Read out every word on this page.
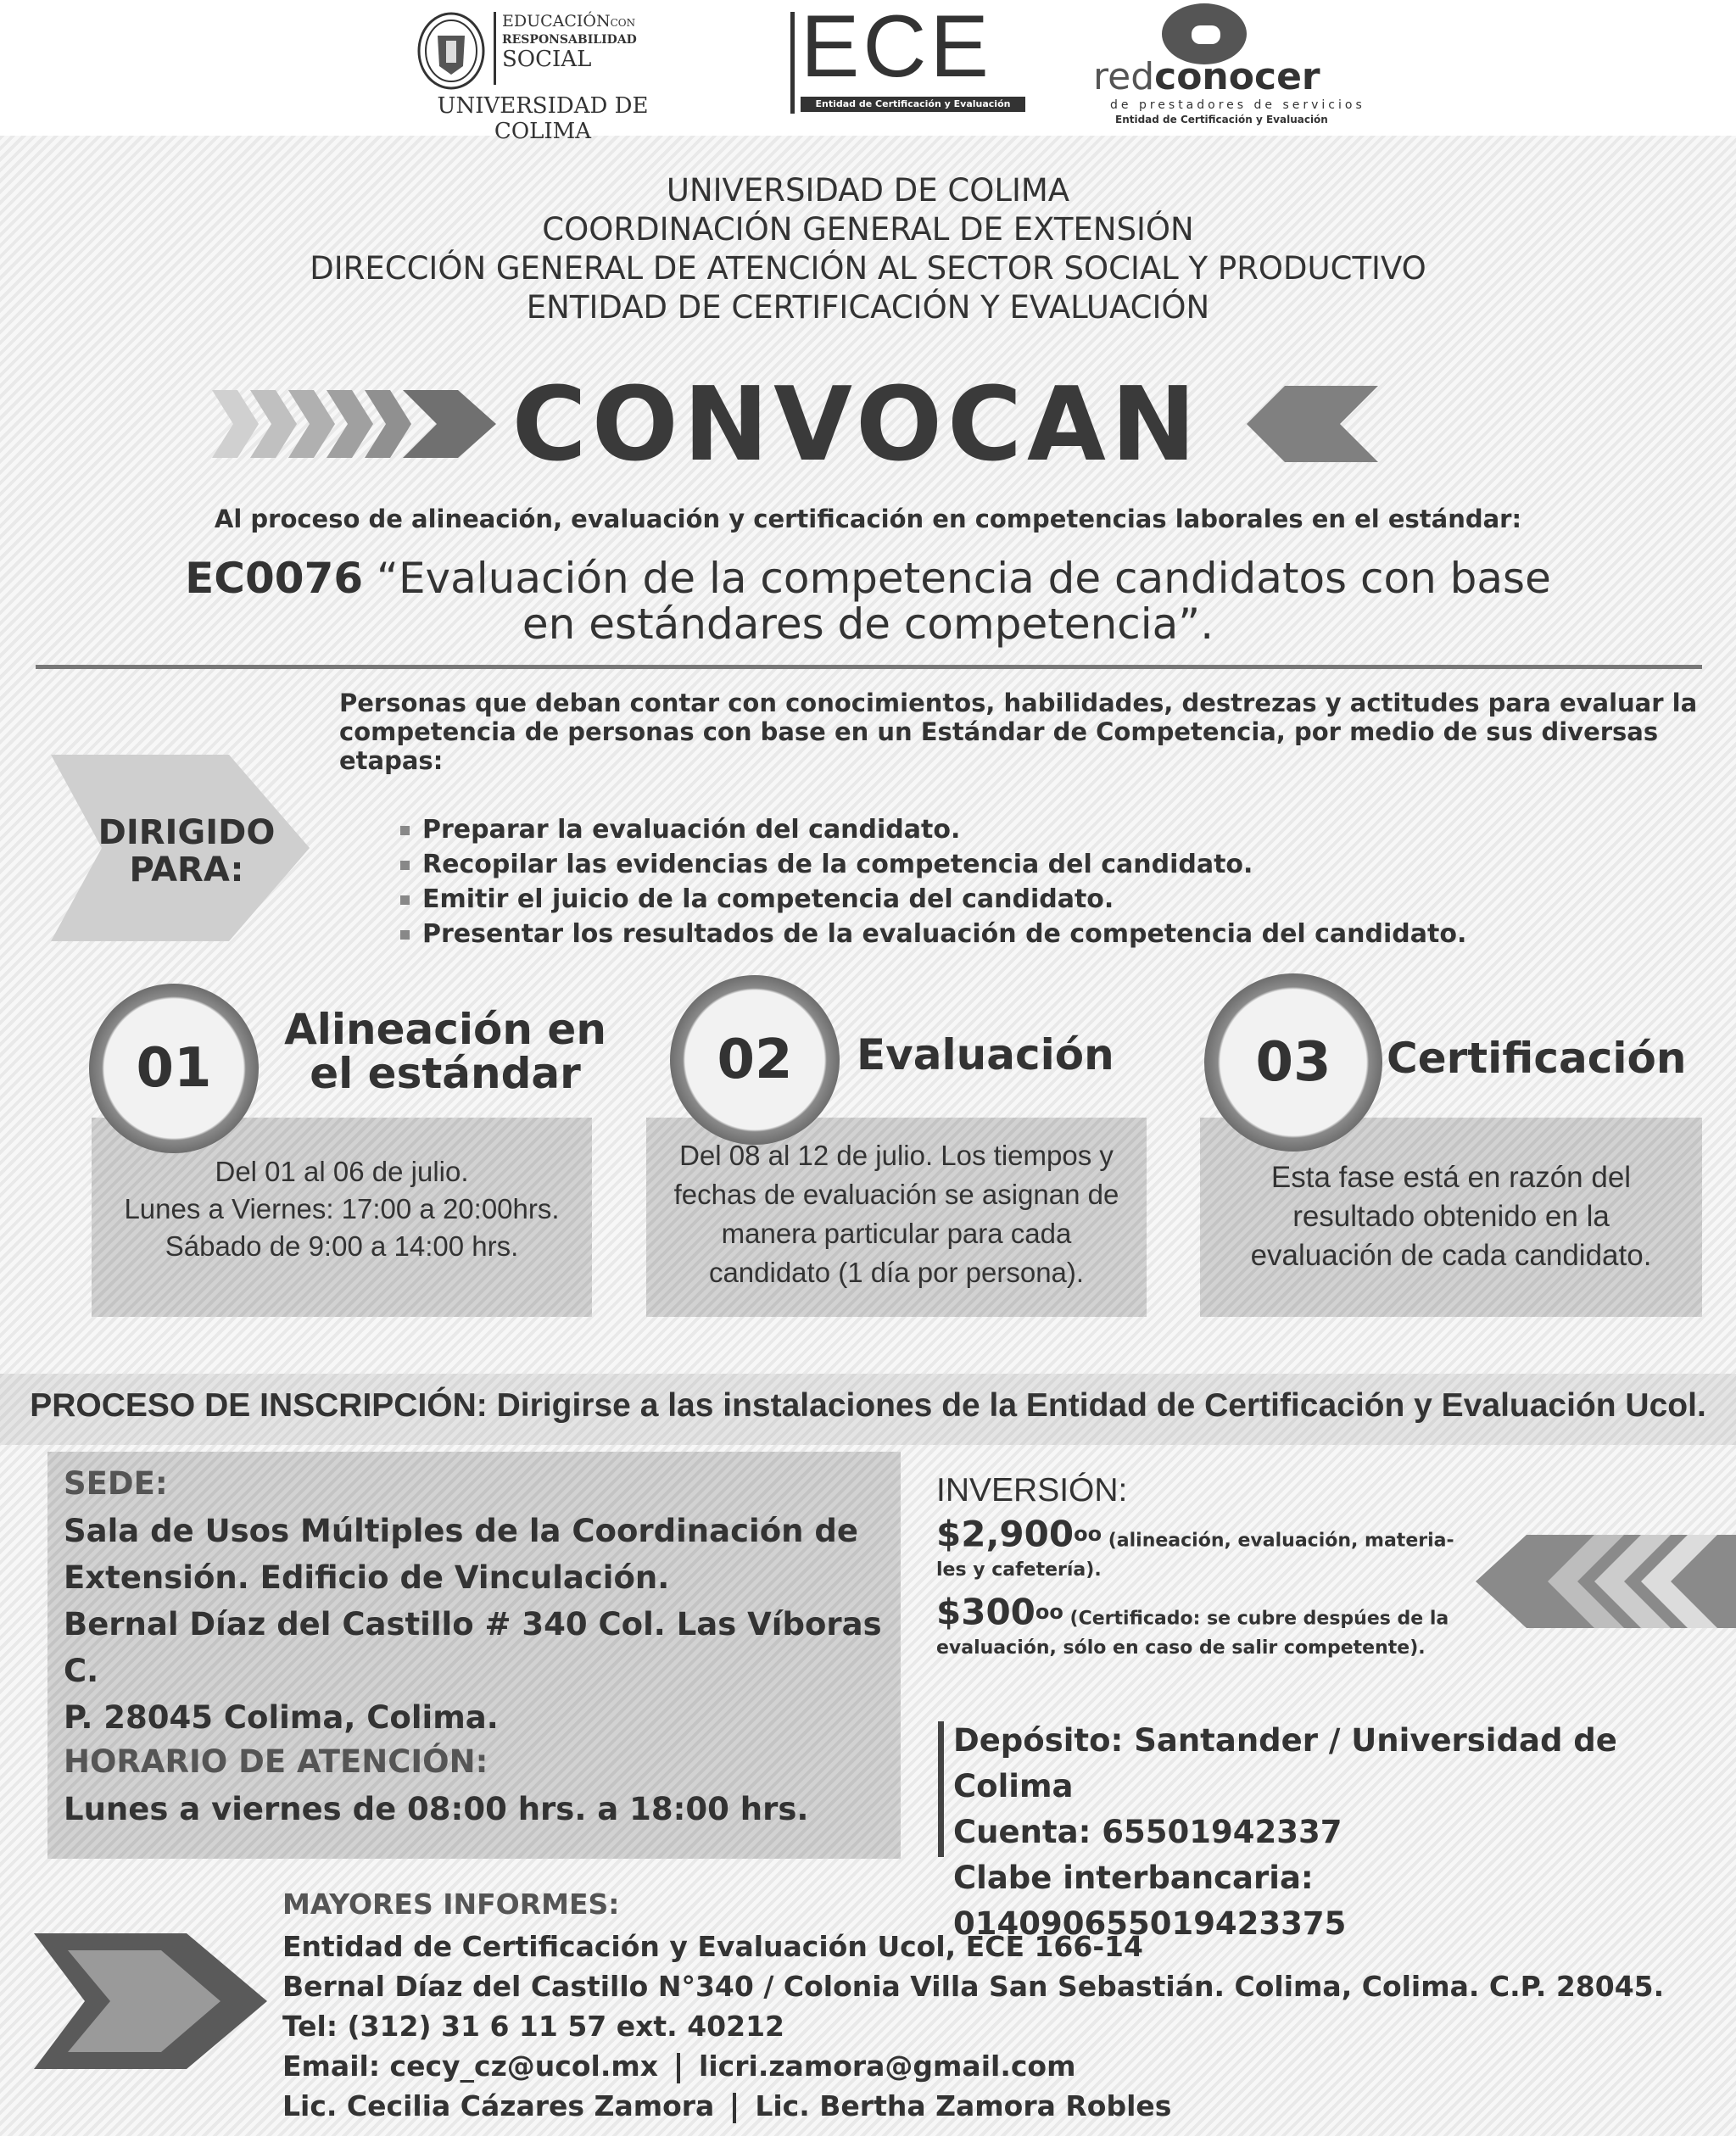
EDUCACIÓNCON
RESPONSABILIDAD
SOCIAL
UNIVERSIDAD DE COLIMA
ECE
Entidad de Certificación y Evaluación
redconocer
de prestadores de servicios
Entidad de Certificación y Evaluación
UNIVERSIDAD DE COLIMA
COORDINACIÓN GENERAL DE EXTENSIÓN
DIRECCIÓN GENERAL DE ATENCIÓN AL SECTOR SOCIAL Y PRODUCTIVO
ENTIDAD DE CERTIFICACIÓN Y EVALUACIÓN
CONVOCAN
Al proceso de alineación, evaluación y certificación en competencias laborales en el estándar:
EC0076 “Evaluación de la competencia de candidatos con base
en estándares de competencia”.
DIRIGIDO
PARA:
Personas que deban contar con conocimientos, habilidades, destrezas y actitudes para evaluar la competencia de personas con base en un Estándar de Competencia, por medio de sus diversas etapas:
Preparar la evaluación del candidato.
Recopilar las evidencias de la competencia del candidato.
Emitir el juicio de la competencia del candidato.
Presentar los resultados de la evaluación de competencia del candidato.
01
Alineación en
el estándar
Del 01 al 06 de julio.
Lunes a Viernes: 17:00 a 20:00hrs.
Sábado de 9:00 a 14:00 hrs.
02	Evaluación
Del 08 al 12 de julio. Los tiempos y
fechas de evaluación se asignan de
manera particular para cada
candidato (1 día por persona).
03	Certificación
Esta fase está en razón del
resultado obtenido en la
evaluación de cada candidato.
PROCESO DE INSCRIPCIÓN: Dirigirse a las instalaciones de la Entidad de Certificación y Evaluación Ucol.
SEDE:
Sala de Usos Múltiples de la Coordinación de
Extensión. Edificio de Vinculación.
Bernal Díaz del Castillo # 340 Col. Las Víboras C.
P. 28045 Colima, Colima.
HORARIO DE ATENCIÓN:
Lunes a viernes de 08:00 hrs. a 18:00 hrs.
INVERSIÓN:
$\$2,900^{oo}$ (alineación, evaluación, materia-
les y cafetería).
$\$300^{oo}$ (Certificado: se cubre despúes de la
evaluación, sólo en caso de salir competente).
Depósito: Santander / Universidad de Colima
Cuenta: 65501942337
Clabe interbancaria: 014090655019423375
MAYORES INFORMES:
Entidad de Certificación y Evaluación Ucol, ECE 166-14
Bernal Díaz del Castillo N°340 / Colonia Villa San Sebastián. Colima, Colima. C.P. 28045.
Tel: (312) 31 6 11 57 ext. 40212
Email: cecy_cz@ucol.mx licri.zamora@gmail.com
Lic. Cecilia Cázares Zamora Lic. Bertha Zamora Robles
